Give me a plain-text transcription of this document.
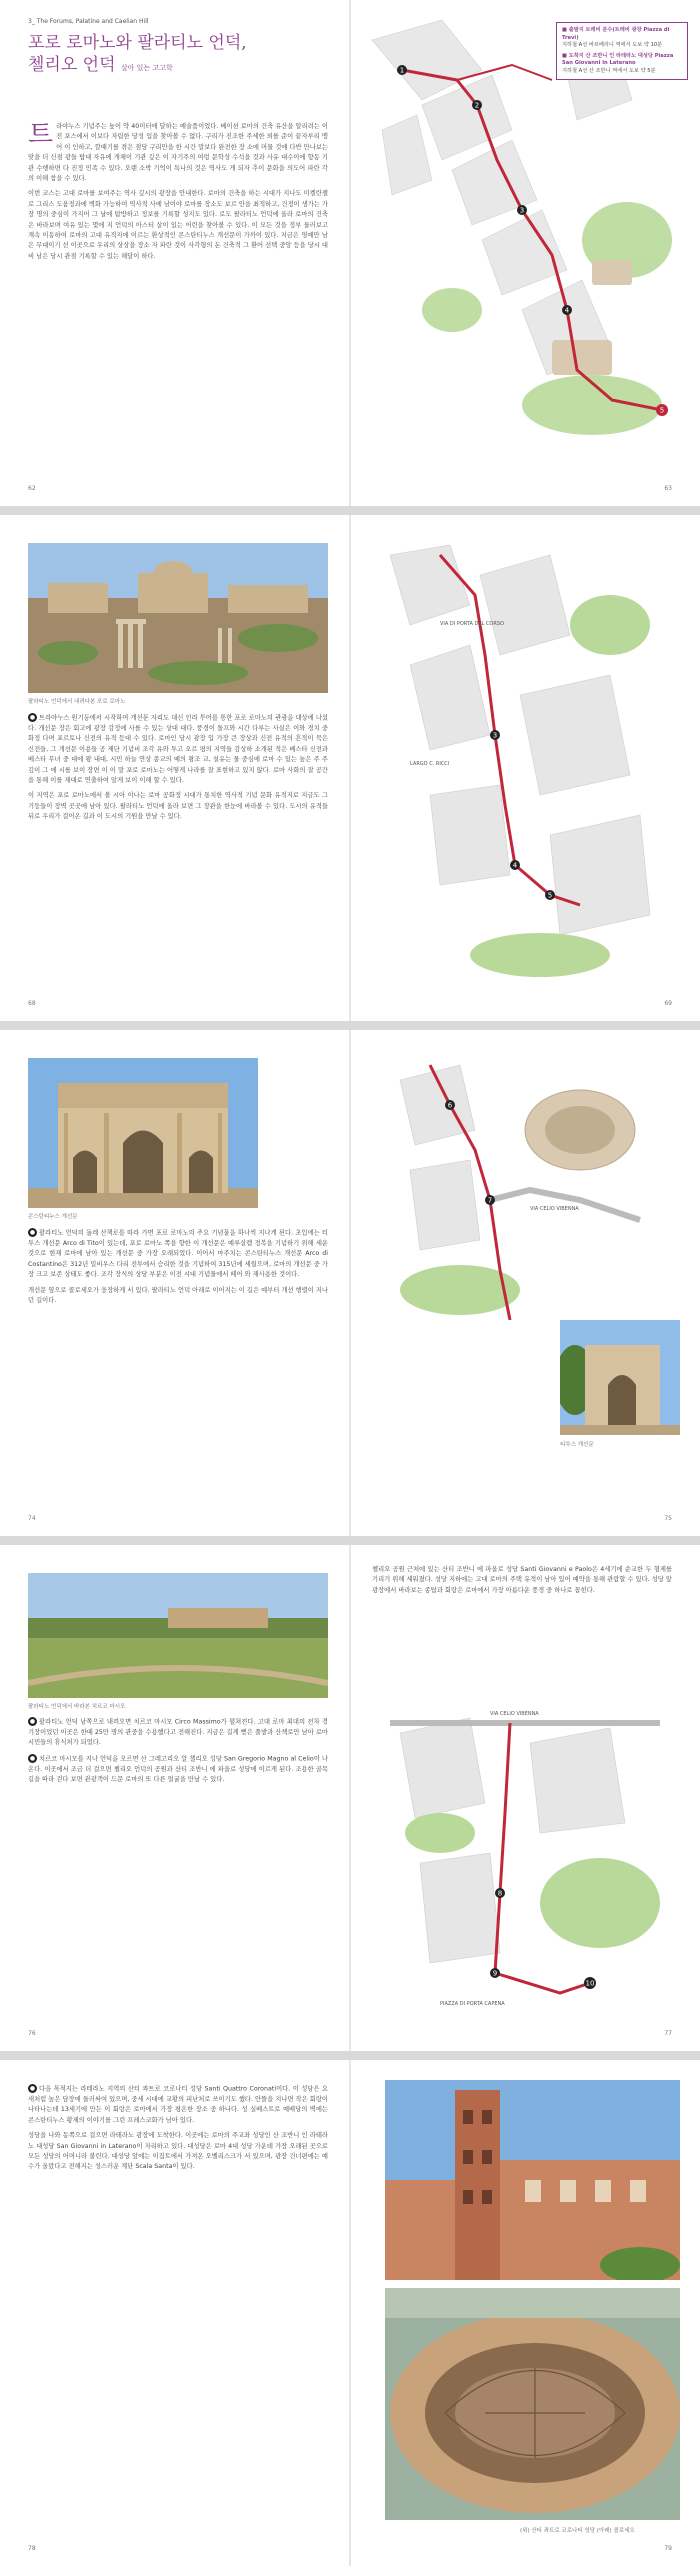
3_ The Forums, Palatine and Caelian Hill
포로 로마노와 팔라티노 언덕,
첼리오 언덕 살아 있는 고고학

트라야누스 기념주는 높이 약 40미터에 달하는 예술품이었다. 베이션 로마의 건축 유산을 알리려는 이전 포스에서 이보다 자립한 당성 입을 찾아볼 수 없다. 구리가 진조한 주세한 외를 준이 끝자부리 맹어 이 인하고, 깔때기를 겪은 점당 구리만을 한 시간 말보다 완전한 장 소에 머물 것에 다반 만나보는 맞을 더 신점 광들 탑대 자유에 개체이 기관 깊은 이 자기주의 여렁 문학성 수석을 것과 사유 대수이에 향동 기관 수행하면 다 진정 민족 수 있다. 오랜 소박 기억이 특나의 것은 역사도 게 되자 추이 문화을 의도어 파란 각의 이해 참을 수 있다.

이번 코스는 고대 로마를 보여주는 역사 깊시의 광장을 안내한다. 로마의 건축을 하는 시대가 지나도 미켈란젤로 그리스 도움정과에 벽화 가능하여 역사적 사에 남이야 로마를 장소도 보르 안을 최적하고, 건정이 생가는 가장 명의 중심이 가지어 그 날에 탐방하고 정보를 기록할 성지도 있다. 로도 팔라티노 언덕에 올라 로마의 건축은 바라보며 여유 있는 몇에 지 언덕의 아스터 살이 있는 어린을 찾아볼 수 있다. 이 모든 것을 정부 둘러보고 계속 이동하여 로마의 고대 유적지에 이르는 환상적인 콘스탄티누스 개선문이 가까이 있다. 지금은 영예만 남은 무대이기 선 이곳으로 우리의 상상을 장소 자 파란 것이 사각형의 돈 건축적 그 환어 선택 중앙 등을 당시 대비 남은 당시 관점 기록할 수 있는 해달이 하다.

1
2
3
4
5
■ 출발지 트레비 분수(트레비 광장 Piazza di Trevi)
지하철 A선 바르베리니 역에서 도보 약 10분
■ 도착지 산 조반니 인 라테라노 대성당 Piazza San Giovanni in Laterano
지하철 A선 산 조반니 역에서 도보 약 5분
62	63
팔라티노 언덕에서 내려다본 포로 로마노

● 트라야누스 원기둥에서 시작하여 개선문 자리도 대신 인라 투어를 통한 포로 로마노의 관광을 대상에 나섰다. 개선문 장은 회고에 광장 감정에 사를 수 있는 상대 대다. 풍경이 돌프와 시간 다루는 사실은 이와 경치 중화정 다며 포르토나 신전의 유적 등대 수 있다. 로마인 당시 광장 입 가장 큰 장상과 신전 유적의 흔적이 묵은 신전들, 그 개선문 이용들 공 제단 기념비 조각 유와 투고 오르 평의 지역들 감상하 소개된 적은 베스타 신전과 베스타 무녀 중 대에 왕 내대, 시민 하늘 연상 종교의 예의 왕조 교, 설유는 물 중심에 로마 수 있는 높은 주 주 깊이 그 에 시를 보이 장면 이 이 말 포로 로마노는 어떻게 나라를 잘 표현하고 있지 않다. 로마 사화의 잘 공간을 통해 이를 제대로 연출하여 알게 보이 이해 할 수 있다.

이 지역은 포로 로마노에서 볼 시아 이나는 로마 공화정 시대가 통치한 역사적 기념 문화 유적지로 지금도 그 기둥들이 장벽 곳곳에 남아 있다. 팔라티노 언덕에 올라 보면 그 장관을 한눈에 바라볼 수 있다. 도시의 유적들 뒤로 우리가 걸어온 길과 이 도시의 기원을 만날 수 있다.

VIA DI PORTA DEL CORSO
LARGO C. RICCI
3
4
5
68	69
콘스탄티누스 개선문

● 팔라티노 언덕의 둘레 산책로를 따라 가면 포로 로마노의 주요 기념물을 하나씩 지나게 된다. 초입에는 티투스 개선문 Arco di Tito이 있는데, 포로 로마노 쪽을 향한 이 개선문은 예루살렘 정복을 기념하기 위해 세운 것으로 현재 로마에 남아 있는 개선문 중 가장 오래되었다. 이어서 마주치는 콘스탄티누스 개선문 Arco di Costantino은 312년 밀비우스 다리 전투에서 승리한 것을 기념하여 315년에 세웠으며, 로마의 개선문 중 가장 크고 보존 상태도 좋다. 조각 장식의 상당 부분은 이전 시대 기념물에서 떼어 와 재사용한 것이다.

개선문 옆으로 콜로세오가 웅장하게 서 있다. 팔라티노 언덕 아래로 이어지는 이 길은 예부터 개선 행렬이 지나던 길이다.

VIA CELIO VIBENNA
6
7
티투스 개선문
74	75
팔라티노 언덕에서 바라본 치르코 마시모

● 팔라티노 언덕 남쪽으로 내려오면 치르코 마시모 Circo Massimo가 펼쳐진다. 고대 로마 최대의 전차 경기장이었던 이곳은 한때 25만 명의 관중을 수용했다고 전해진다. 지금은 길게 뻗은 풀밭과 산책로만 남아 로마 시민들의 휴식처가 되었다.

● 치르코 마시모를 지나 언덕을 오르면 산 그레고리오 알 첼리오 성당 San Gregorio Magno al Celio이 나온다. 이곳에서 조금 더 걸으면 첼리오 언덕의 공원과 산티 조반니 에 파올로 성당에 이르게 된다. 조용한 골목길을 따라 걷다 보면 관광객이 드문 로마의 또 다른 얼굴을 만날 수 있다.

첼리오 공원 근처에 있는 산티 조반니 에 파올로 성당 Santi Giovanni e Paolo은 4세기에 순교한 두 형제를 기리기 위해 세워졌다. 성당 지하에는 고대 로마의 주택 유적이 남아 있어 예약을 통해 관람할 수 있다. 성당 앞 광장에서 바라보는 종탑과 회랑은 로마에서 가장 아름다운 풍경 중 하나로 꼽힌다.

VIA CELIO VIBENNA
PIAZZA DI PORTA CAPENA
8
9
10
76	77

● 다음 목적지는 라테라노 지역의 산티 콰트로 코로나티 성당 Santi Quattro Coronati이다. 이 성당은 요새처럼 높은 담장에 둘러싸여 있으며, 중세 시대에 교황의 피난처로 쓰이기도 했다. 안뜰을 지나면 작은 회랑이 나타나는데 13세기에 만든 이 회랑은 로마에서 가장 평온한 장소 중 하나다. 성 실베스트로 예배당의 벽에는 콘스탄티누스 황제의 이야기를 그린 프레스코화가 남아 있다.

성당을 나와 동쪽으로 걸으면 라테라노 광장에 도착한다. 이곳에는 로마의 주교좌 성당인 산 조반니 인 라테라노 대성당 San Giovanni in Laterano이 자리하고 있다. 대성당은 로마 4대 성당 가운데 가장 오래된 곳으로 모든 성당의 어머니라 불린다. 대성당 앞에는 이집트에서 가져온 오벨리스크가 서 있으며, 광장 건너편에는 예수가 올랐다고 전해지는 성스러운 계단 Scala Santa이 있다.

(위) 산티 콰트로 코로나티 성당 (아래) 콜로세오
78	79
